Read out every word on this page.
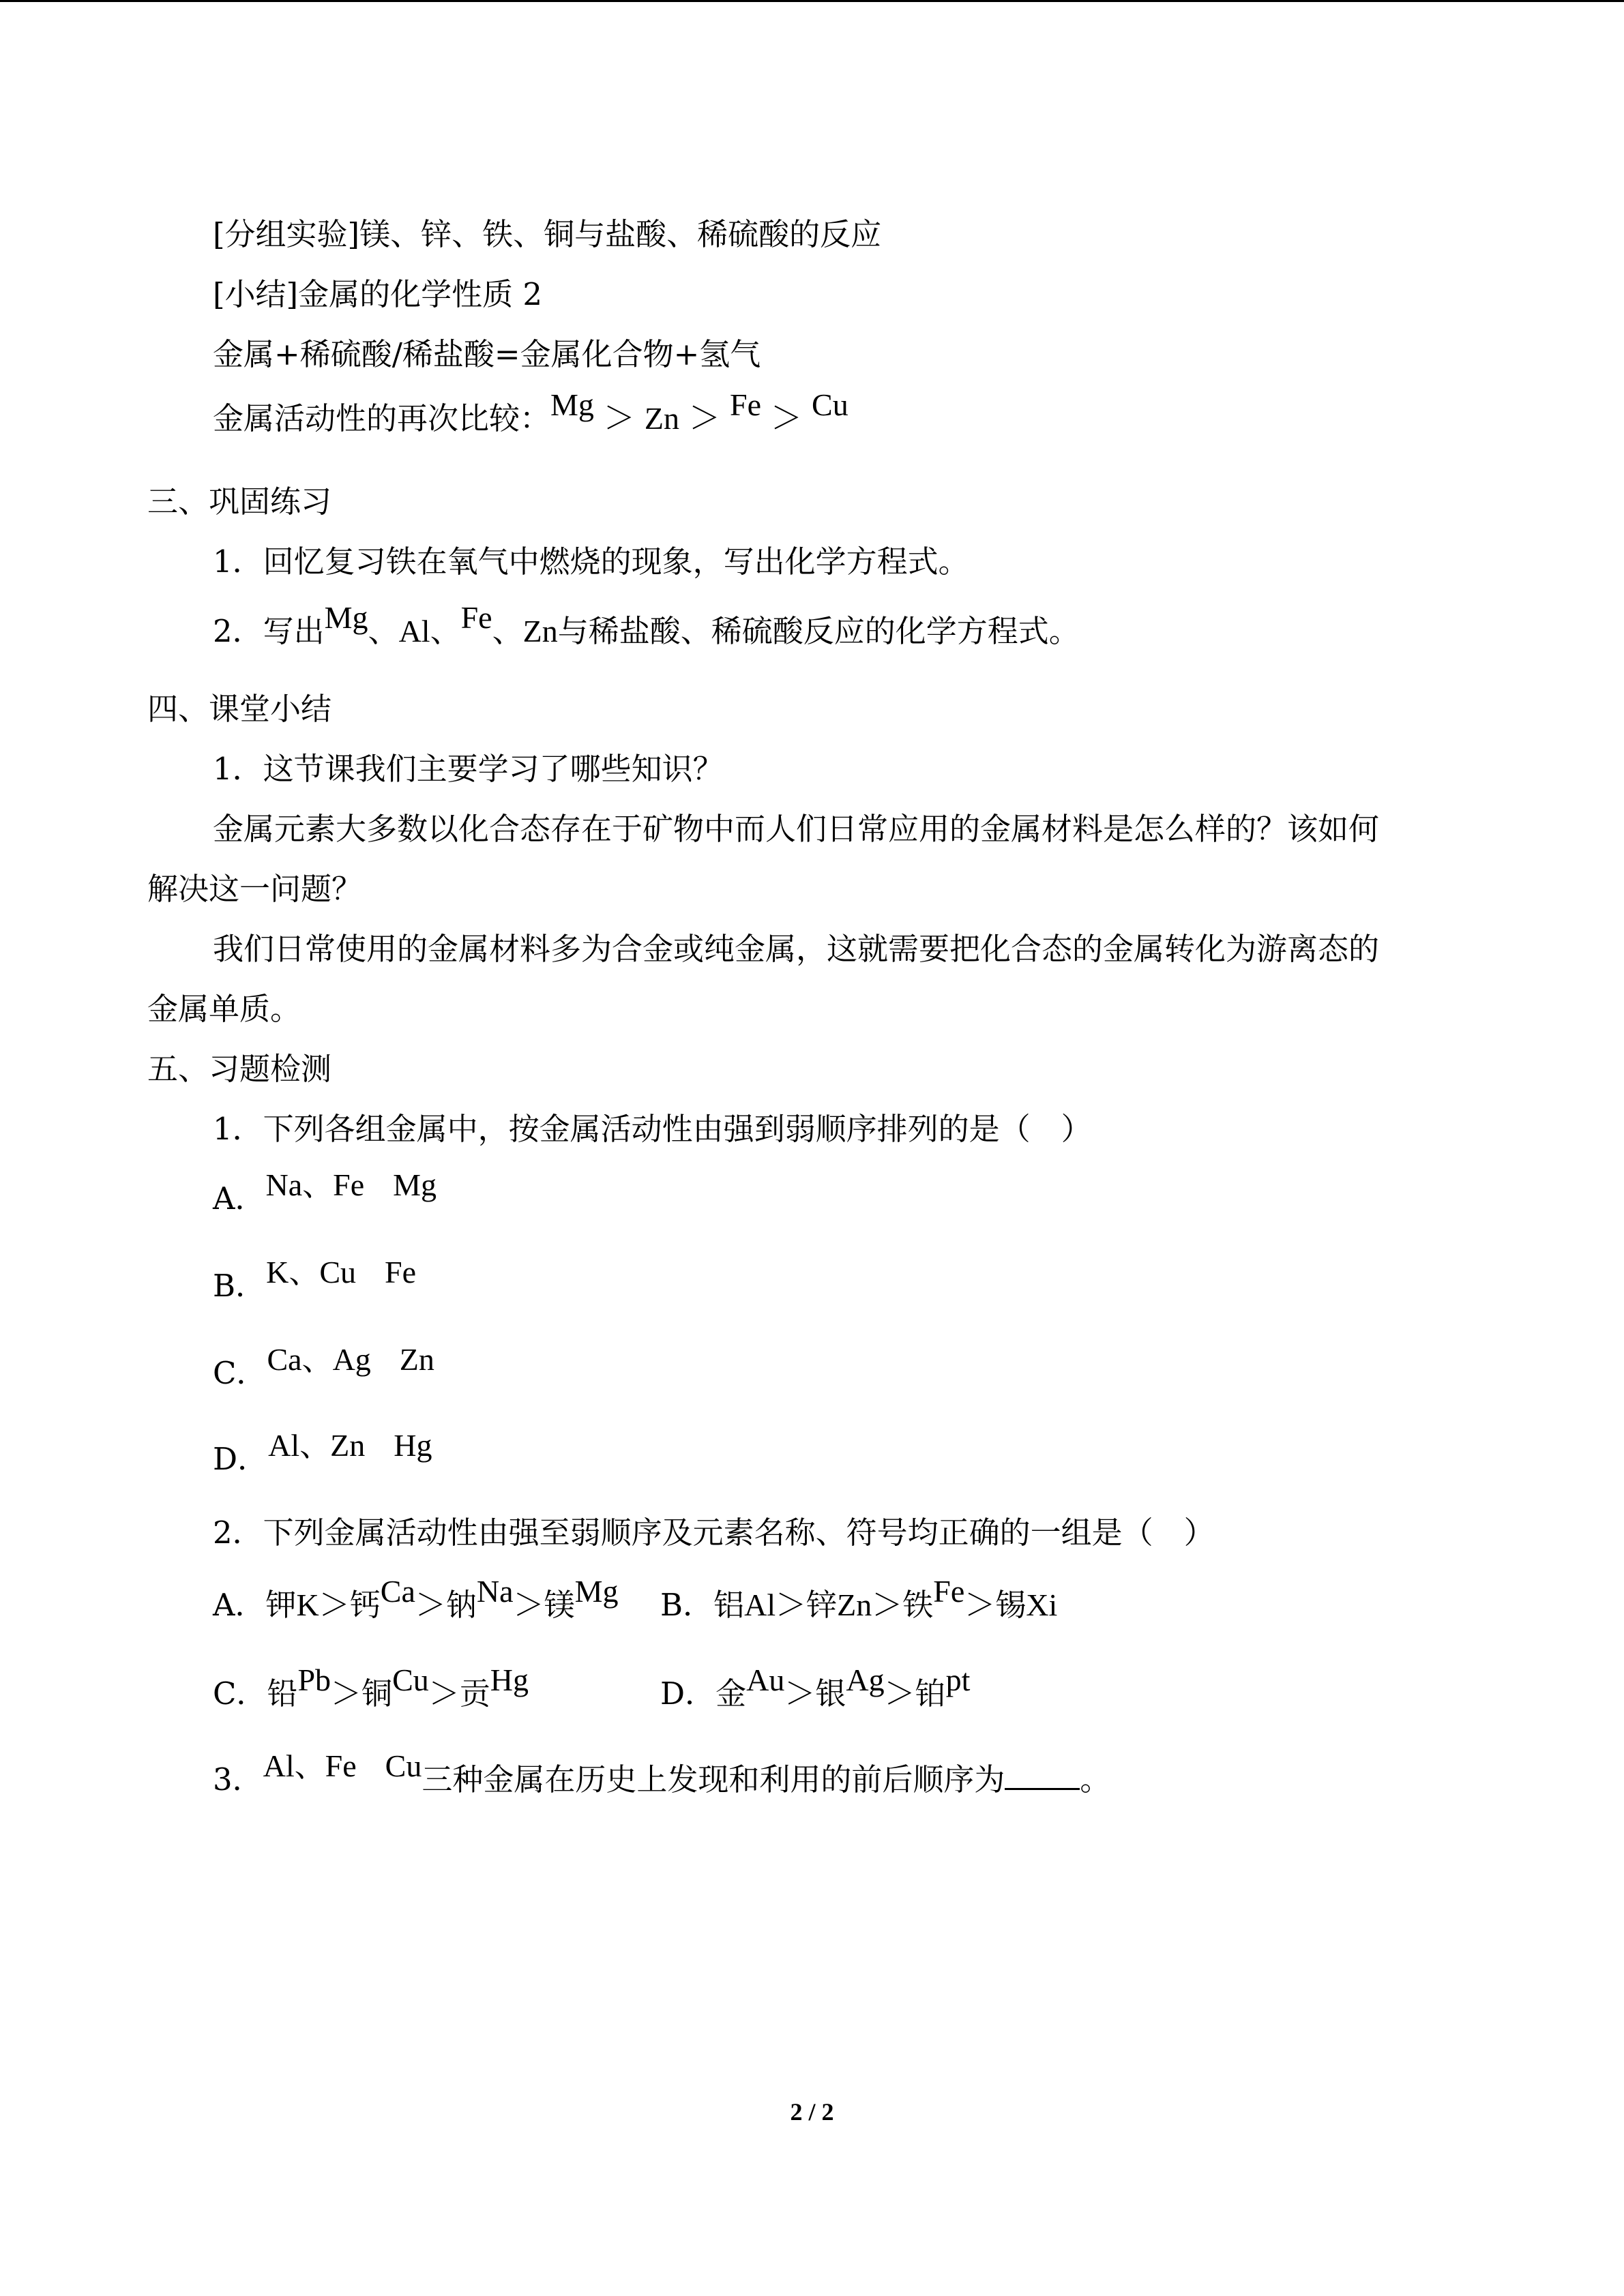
[分组实验]镁、锌、铁、铜与盐酸、稀硫酸的反应
[小结]金属的化学性质 2
金属+稀硫酸/稀盐酸=金属化合物+氢气
金属活动性的再次比较：Mg ＞ Zn ＞ Fe ＞ Cu
三、巩固练习
1．回忆复习铁在氧气中燃烧的现象，写出化学方程式。
2．写出Mg、Al、Fe、Zn与稀盐酸、稀硫酸反应的化学方程式。
四、课堂小结
1．这节课我们主要学习了哪些知识？
金属元素大多数以化合态存在于矿物中而人们日常应用的金属材料是怎么样的？该如何
解决这一问题？
我们日常使用的金属材料多为合金或纯金属，这就需要把化合态的金属转化为游离态的
金属单质。
五、习题检测
1．下列各组金属中，按金属活动性由强到弱顺序排列的是（　）
A．Na、Fe Mg
B．K、Cu Fe
C．Ca、Ag Zn
D．Al、Zn Hg
2．下列金属活动性由强至弱顺序及元素名称、符号均正确的一组是（　）
A．钾K＞钙Ca＞钠Na＞镁Mg B．铝Al＞锌Zn＞铁Fe＞锡Xi
C．铅Pb＞铜Cu＞贡Hg	D．金Au＞银Ag＞铂pt
3．Al、Fe Cu三种金属在历史上发现和利用的前后顺序为 。
2 / 2
